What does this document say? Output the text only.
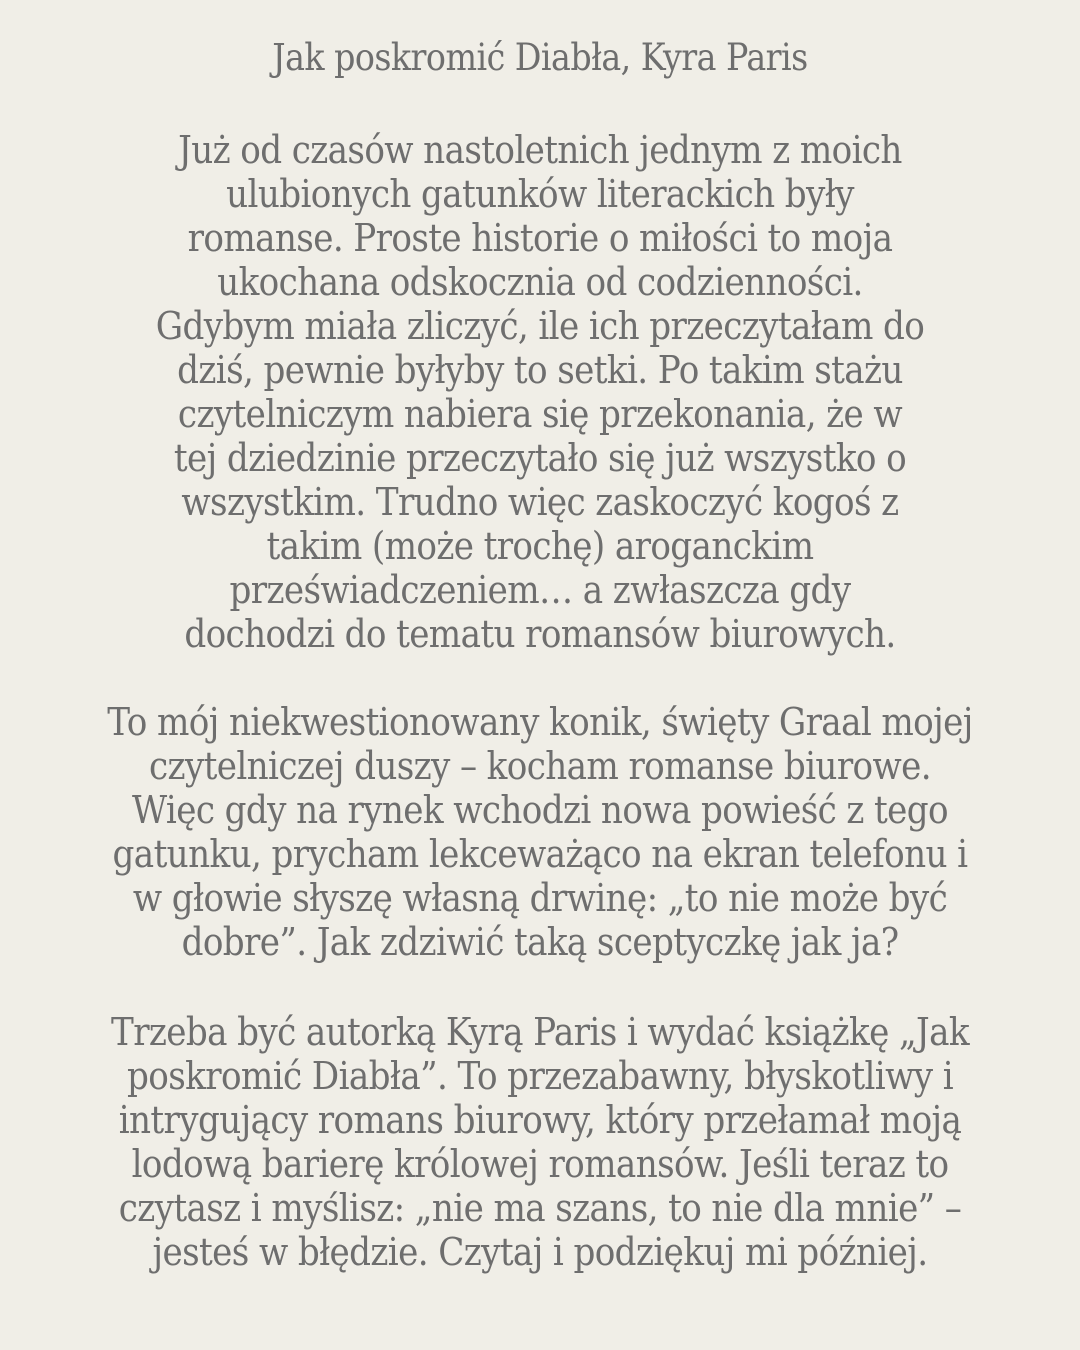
Jak poskromić Diabła, Kyra Paris

Już od czasów nastoletnich jednym z moich
ulubionych gatunków literackich były
romanse. Proste historie o miłości to moja
ukochana odskocznia od codzienności.
Gdybym miała zliczyć, ile ich przeczytałam do
dziś, pewnie byłyby to setki. Po takim stażu
czytelniczym nabiera się przekonania, że w
tej dziedzinie przeczytało się już wszystko o
wszystkim. Trudno więc zaskoczyć kogoś z
takim (może trochę) aroganckim
przeświadczeniem… a zwłaszcza gdy
dochodzi do tematu romansów biurowych.

To mój niekwestionowany konik, święty Graal mojej
czytelniczej duszy – kocham romanse biurowe.
Więc gdy na rynek wchodzi nowa powieść z tego
gatunku, prycham lekceważąco na ekran telefonu i
w głowie słyszę własną drwinę: „to nie może być
dobre”. Jak zdziwić taką sceptyczkę jak ja?

Trzeba być autorką Kyrą Paris i wydać książkę „Jak
poskromić Diabła”. To przezabawny, błyskotliwy i
intrygujący romans biurowy, który przełamał moją
lodową barierę królowej romansów. Jeśli teraz to
czytasz i myślisz: „nie ma szans, to nie dla mnie” –
jesteś w błędzie. Czytaj i podziękuj mi później.
